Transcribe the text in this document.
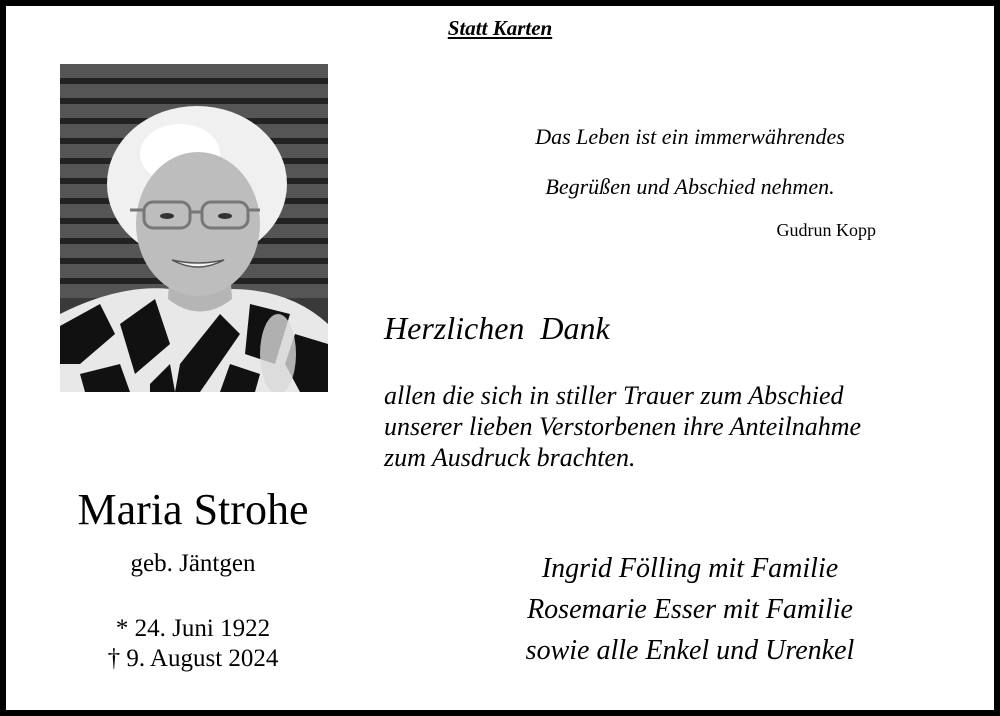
Statt Karten
Maria Strohe
geb. Jäntgen
* 24. Juni 1922
† 9. August 2024
Das Leben ist ein immerwährendes
Begrüßen und Abschied nehmen.
Gudrun Kopp
Herzlichen  Dank
allen die sich in stiller Trauer zum Abschied
unserer lieben Verstorbenen ihre Anteilnahme
zum Ausdruck brachten.
Ingrid Fölling mit Familie
Rosemarie Esser mit Familie
sowie alle Enkel und Urenkel
